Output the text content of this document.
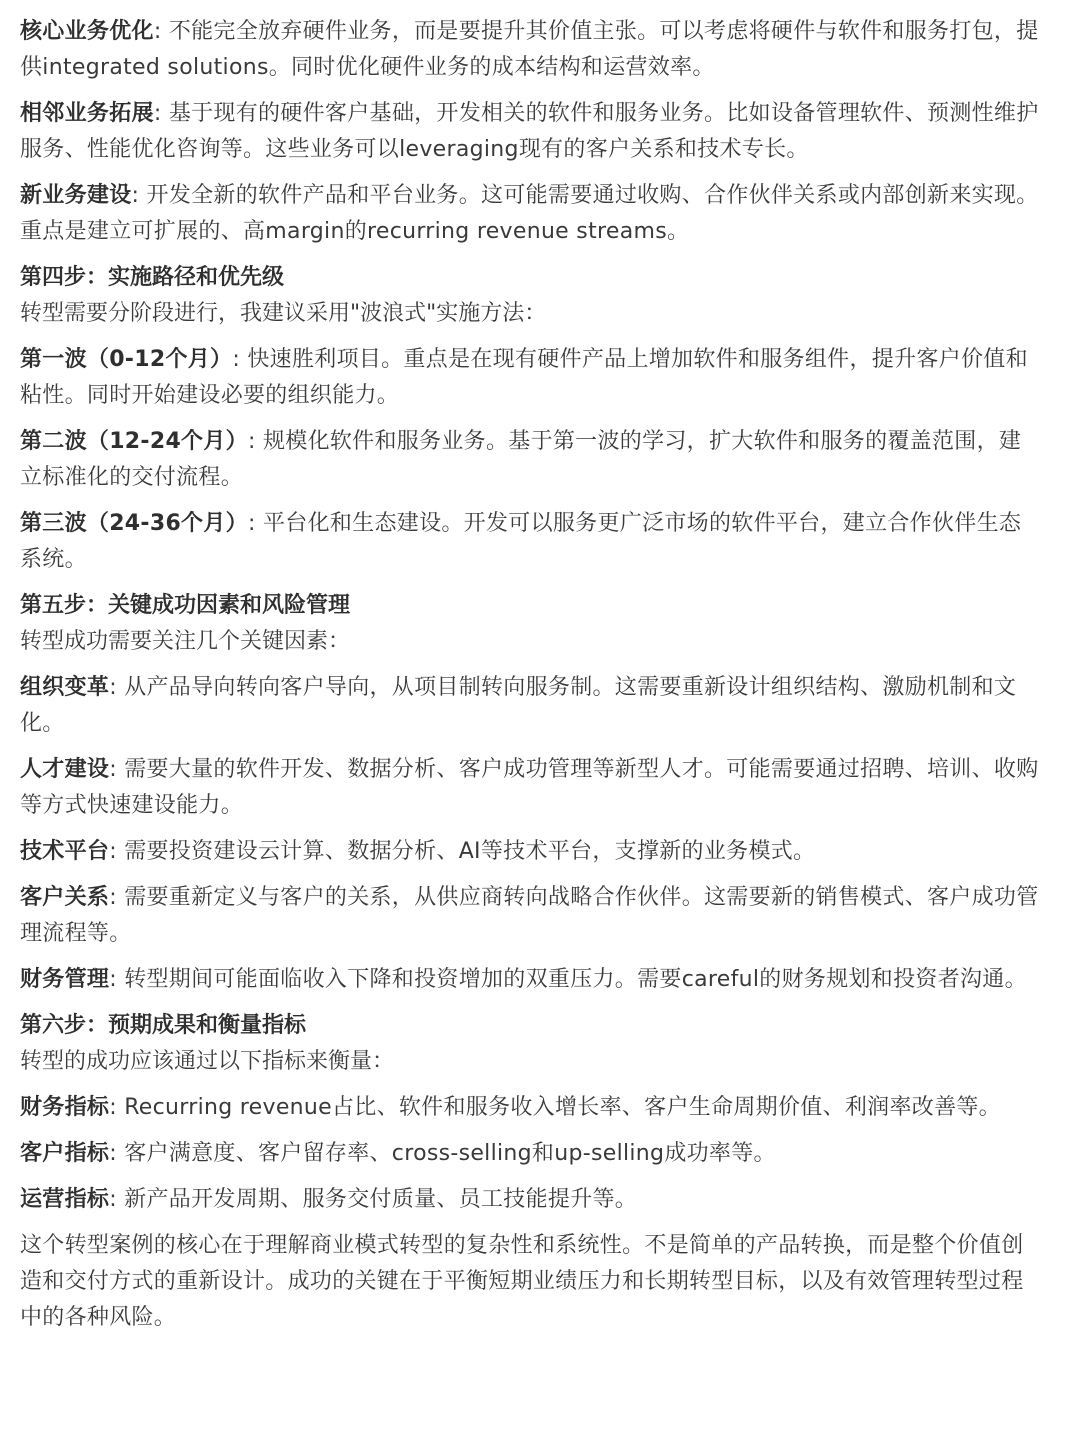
核心业务优化: 不能完全放弃硬件业务，而是要提升其价值主张。可以考虑将硬件与软件和服务打包，提供integrated solutions。同时优化硬件业务的成本结构和运营效率。

相邻业务拓展: 基于现有的硬件客户基础，开发相关的软件和服务业务。比如设备管理软件、预测性维护服务、性能优化咨询等。这些业务可以leveraging现有的客户关系和技术专长。

新业务建设: 开发全新的软件产品和平台业务。这可能需要通过收购、合作伙伴关系或内部创新来实现。重点是建立可扩展的、高margin的recurring revenue streams。

第四步：实施路径和优先级

转型需要分阶段进行，我建议采用"波浪式"实施方法：

第一波（0-12个月）: 快速胜利项目。重点是在现有硬件产品上增加软件和服务组件，提升客户价值和粘性。同时开始建设必要的组织能力。

第二波（12-24个月）: 规模化软件和服务业务。基于第一波的学习，扩大软件和服务的覆盖范围，建立标准化的交付流程。

第三波（24-36个月）: 平台化和生态建设。开发可以服务更广泛市场的软件平台，建立合作伙伴生态系统。

第五步：关键成功因素和风险管理

转型成功需要关注几个关键因素：

组织变革: 从产品导向转向客户导向，从项目制转向服务制。这需要重新设计组织结构、激励机制和文化。

人才建设: 需要大量的软件开发、数据分析、客户成功管理等新型人才。可能需要通过招聘、培训、收购等方式快速建设能力。

技术平台: 需要投资建设云计算、数据分析、AI等技术平台，支撑新的业务模式。

客户关系: 需要重新定义与客户的关系，从供应商转向战略合作伙伴。这需要新的销售模式、客户成功管理流程等。

财务管理: 转型期间可能面临收入下降和投资增加的双重压力。需要careful的财务规划和投资者沟通。

第六步：预期成果和衡量指标

转型的成功应该通过以下指标来衡量：

财务指标: Recurring revenue占比、软件和服务收入增长率、客户生命周期价值、利润率改善等。

客户指标: 客户满意度、客户留存率、cross-selling和up-selling成功率等。

运营指标: 新产品开发周期、服务交付质量、员工技能提升等。

这个转型案例的核心在于理解商业模式转型的复杂性和系统性。不是简单的产品转换，而是整个价值创造和交付方式的重新设计。成功的关键在于平衡短期业绩压力和长期转型目标，以及有效管理转型过程中的各种风险。
